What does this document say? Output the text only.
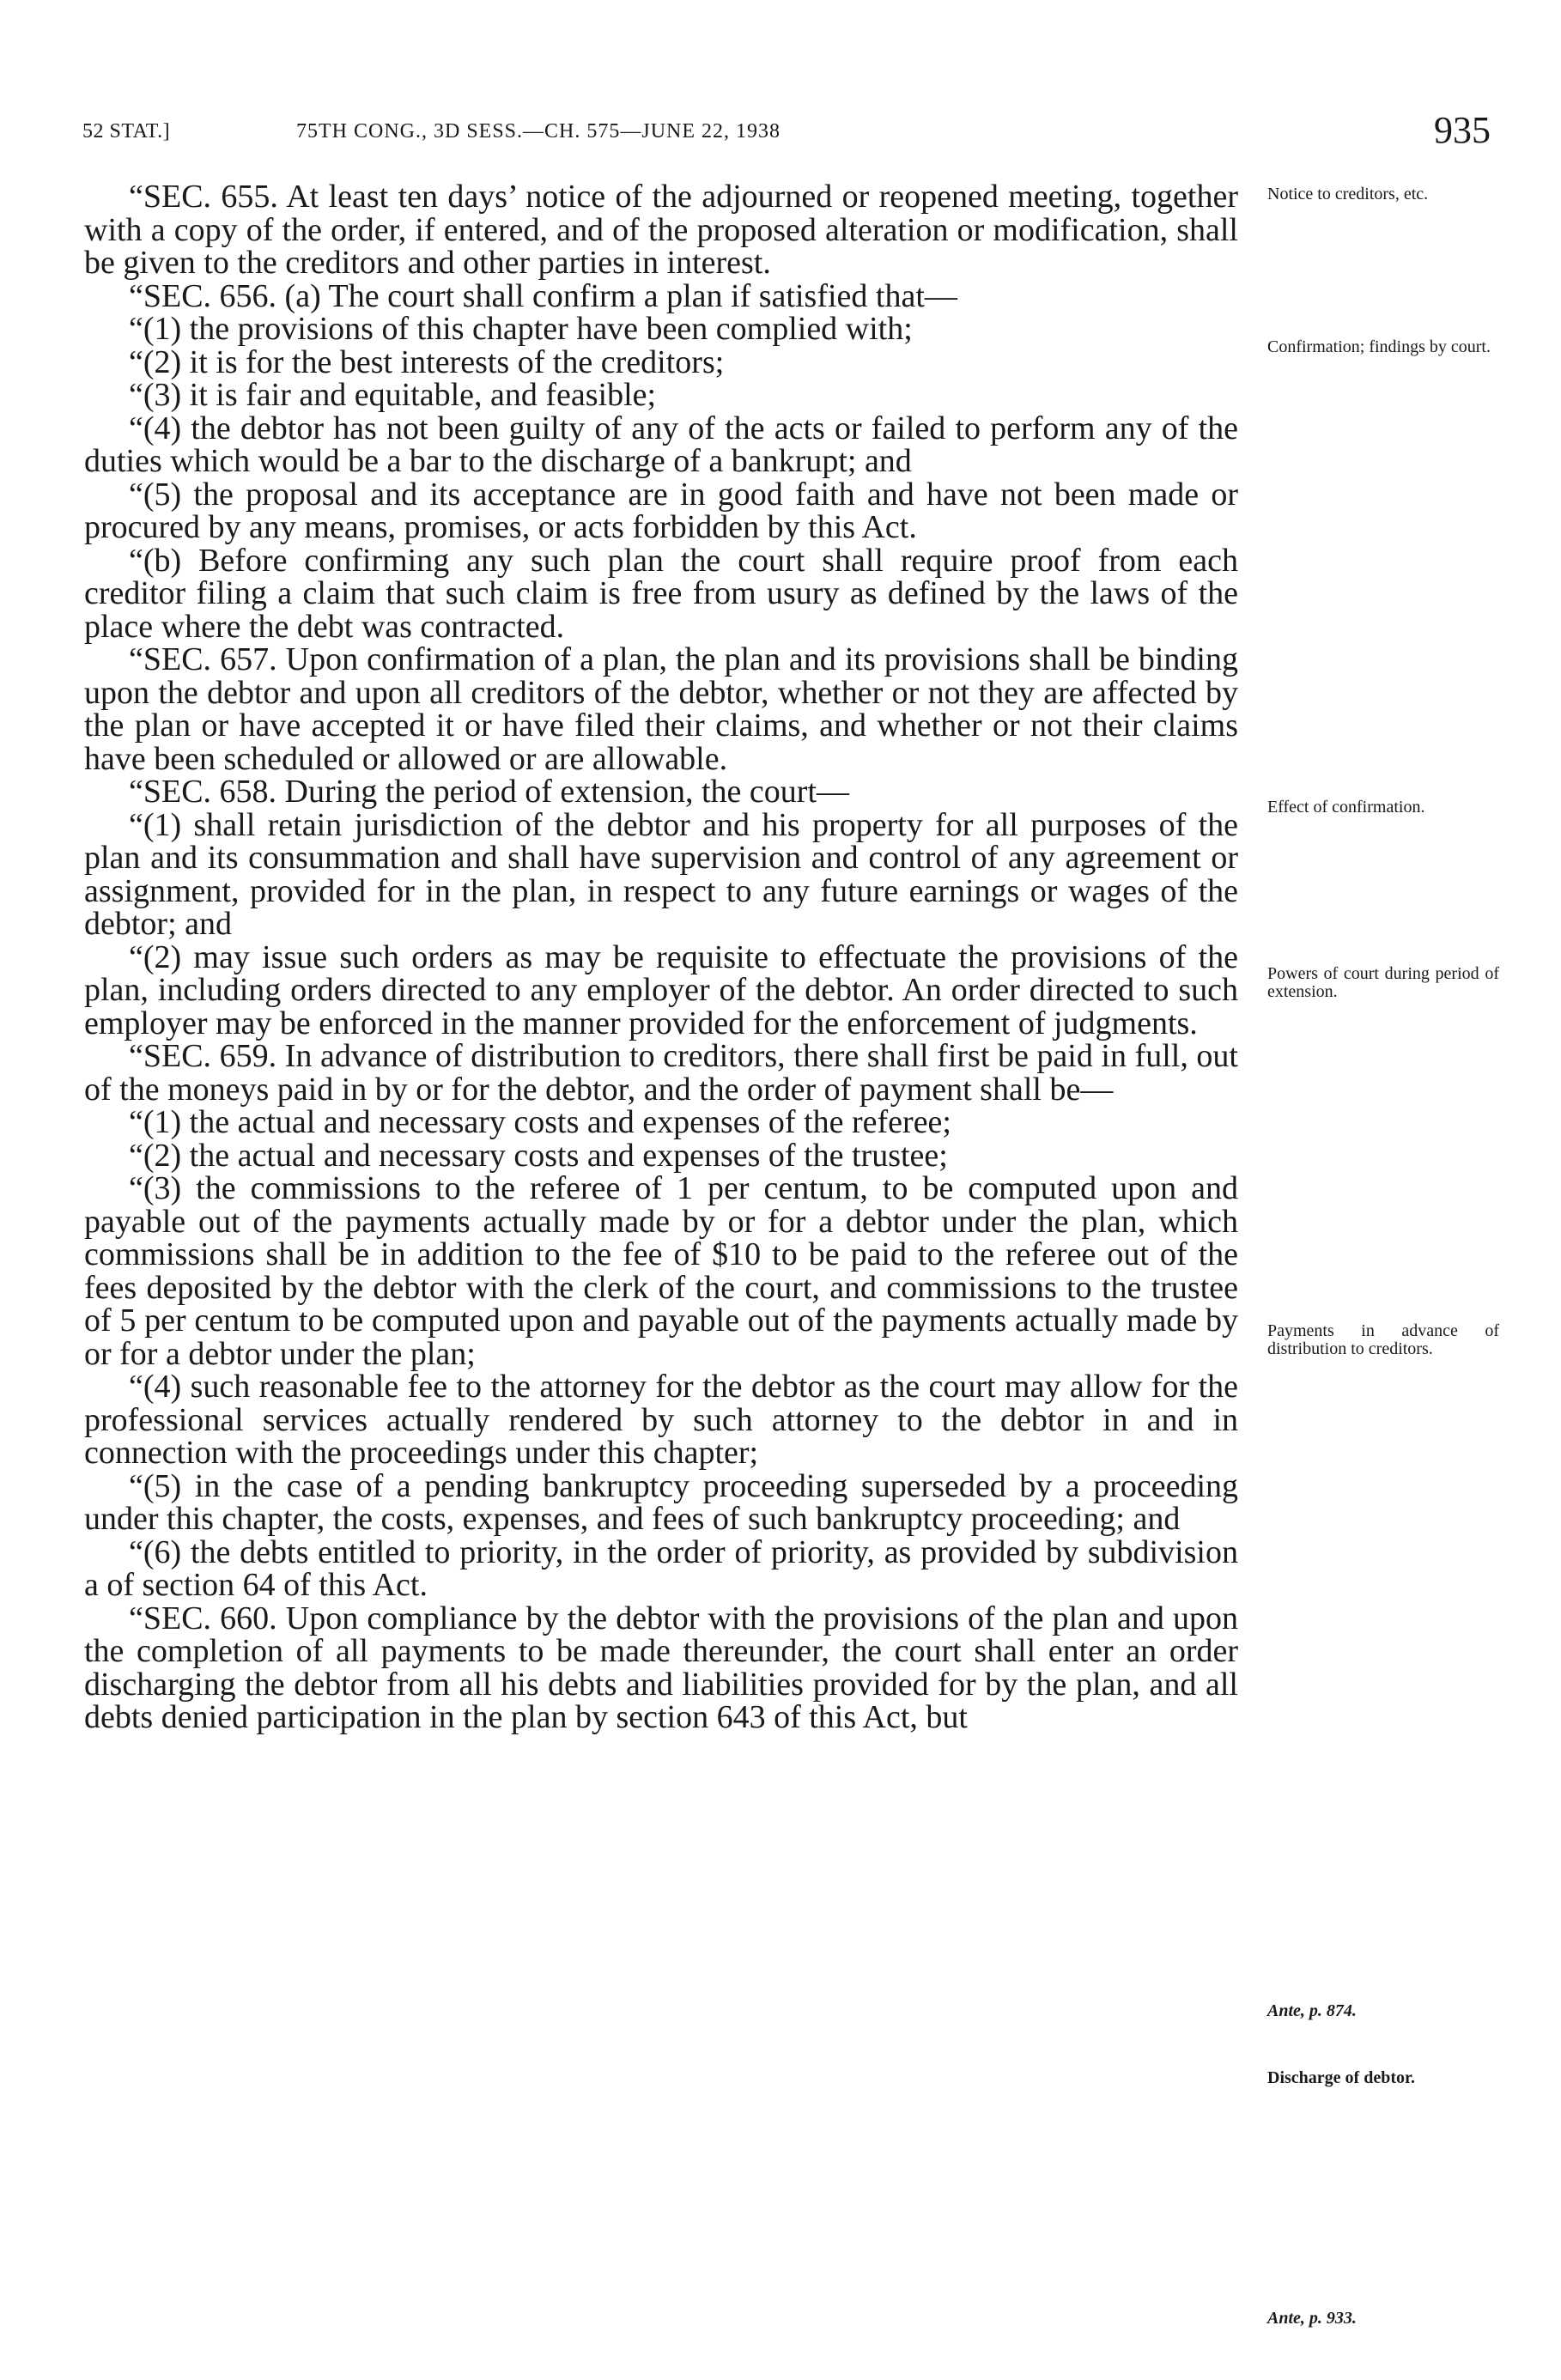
52 STAT.]	75TH CONG., 3D SESS.—CH. 575—JUNE 22, 1938	935

“SEC. 655. At least ten days’ notice of the adjourned or reopened meeting, together with a copy of the order, if entered, and of the proposed alteration or modification, shall be given to the creditors and other parties in interest.

“SEC. 656. (a) The court shall confirm a plan if satisfied that—

“(1) the provisions of this chapter have been complied with;

“(2) it is for the best interests of the creditors;

“(3) it is fair and equitable, and feasible;

“(4) the debtor has not been guilty of any of the acts or failed to perform any of the duties which would be a bar to the discharge of a bankrupt; and

“(5) the proposal and its acceptance are in good faith and have not been made or procured by any means, promises, or acts forbidden by this Act.

“(b) Before confirming any such plan the court shall require proof from each creditor filing a claim that such claim is free from usury as defined by the laws of the place where the debt was contracted.

“SEC. 657. Upon confirmation of a plan, the plan and its provisions shall be binding upon the debtor and upon all creditors of the debtor, whether or not they are affected by the plan or have accepted it or have filed their claims, and whether or not their claims have been scheduled or allowed or are allowable.

“SEC. 658. During the period of extension, the court—

“(1) shall retain jurisdiction of the debtor and his property for all purposes of the plan and its consummation and shall have supervision and control of any agreement or assignment, provided for in the plan, in respect to any future earnings or wages of the debtor; and

“(2) may issue such orders as may be requisite to effectuate the provisions of the plan, including orders directed to any employer of the debtor. An order directed to such employer may be enforced in the manner provided for the enforcement of judgments.

“SEC. 659. In advance of distribution to creditors, there shall first be paid in full, out of the moneys paid in by or for the debtor, and the order of payment shall be—

“(1) the actual and necessary costs and expenses of the referee;

“(2) the actual and necessary costs and expenses of the trustee;

“(3) the commissions to the referee of 1 per centum, to be computed upon and payable out of the payments actually made by or for a debtor under the plan, which commissions shall be in addition to the fee of $10 to be paid to the referee out of the fees deposited by the debtor with the clerk of the court, and commissions to the trustee of 5 per centum to be computed upon and payable out of the payments actually made by or for a debtor under the plan;

“(4) such reasonable fee to the attorney for the debtor as the court may allow for the professional services actually rendered by such attorney to the debtor in and in connection with the proceedings under this chapter;

“(5) in the case of a pending bankruptcy proceeding superseded by a proceeding under this chapter, the costs, expenses, and fees of such bankruptcy proceeding; and

“(6) the debts entitled to priority, in the order of priority, as provided by subdivision a of section 64 of this Act.

“SEC. 660. Upon compliance by the debtor with the provisions of the plan and upon the completion of all payments to be made thereunder, the court shall enter an order discharging the debtor from all his debts and liabilities provided for by the plan, and all debts denied participation in the plan by section 643 of this Act, but

Notice to creditors, etc.
Confirmation; findings by court.
Effect of confirmation.
Powers of court during period of extension.
Payments in advance of distribution to creditors.
Ante, p. 874.
Discharge of debtor.
Ante, p. 933.
